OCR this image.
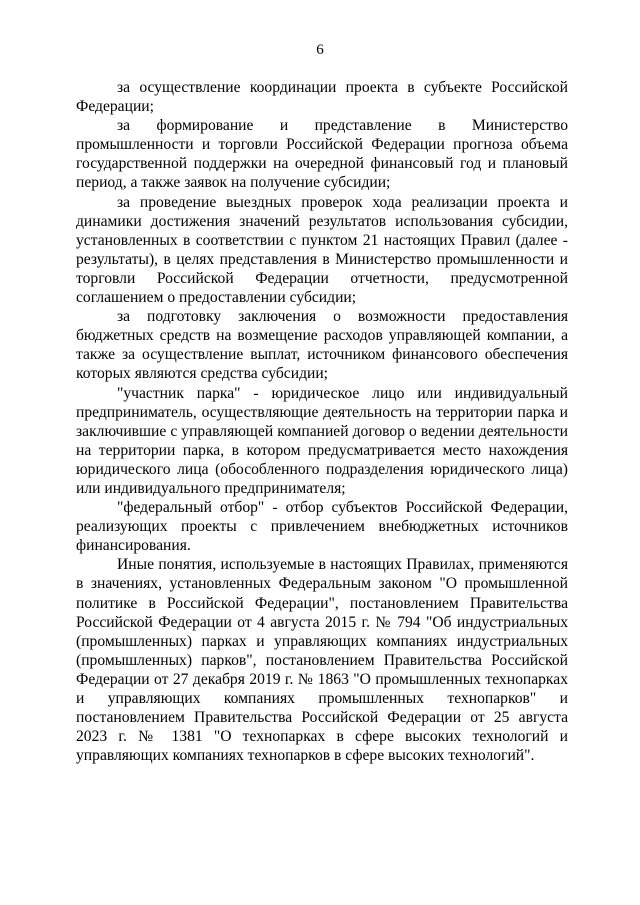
6

за осуществление координации проекта в субъекте Российской Федерации;

за формирование и представление в Министерство промышленности и торговли Российской Федерации прогноза объема государственной поддержки на очередной финансовый год и плановый период, а также заявок на получение субсидии;

за проведение выездных проверок хода реализации проекта и динамики достижения значений результатов использования субсидии, установленных в соответствии с пунктом 21 настоящих Правил (далее - результаты), в целях представления в Министерство промышленности и торговли Российской Федерации отчетности, предусмотренной соглашением о предоставлении субсидии;

за подготовку заключения о возможности предоставления бюджетных средств на возмещение расходов управляющей компании, а также за осуществление выплат, источником финансового обеспечения которых являются средства субсидии;

"участник парка" - юридическое лицо или индивидуальный предприниматель, осуществляющие деятельность на территории парка и заключившие с управляющей компанией договор о ведении деятельности на территории парка, в котором предусматривается место нахождения юридического лица (обособленного подразделения юридического лица) или индивидуального предпринимателя;

"федеральный отбор" - отбор субъектов Российской Федерации, реализующих проекты с привлечением внебюджетных источников финансирования.

Иные понятия, используемые в настоящих Правилах, применяются в значениях, установленных Федеральным законом "О промышленной политике в Российской Федерации", постановлением Правительства Российской Федерации от 4 августа 2015 г. № 794 "Об индустриальных (промышленных) парках и управляющих компаниях индустриальных (промышленных) парков", постановлением Правительства Российской Федерации от 27 декабря 2019 г. № 1863 "О промышленных технопарках и управляющих компаниях промышленных технопарков" и постановлением Правительства Российской Федерации от 25 августа 2023 г. № 1381 "О технопарках в сфере высоких технологий и управляющих компаниях технопарков в сфере высоких технологий".
